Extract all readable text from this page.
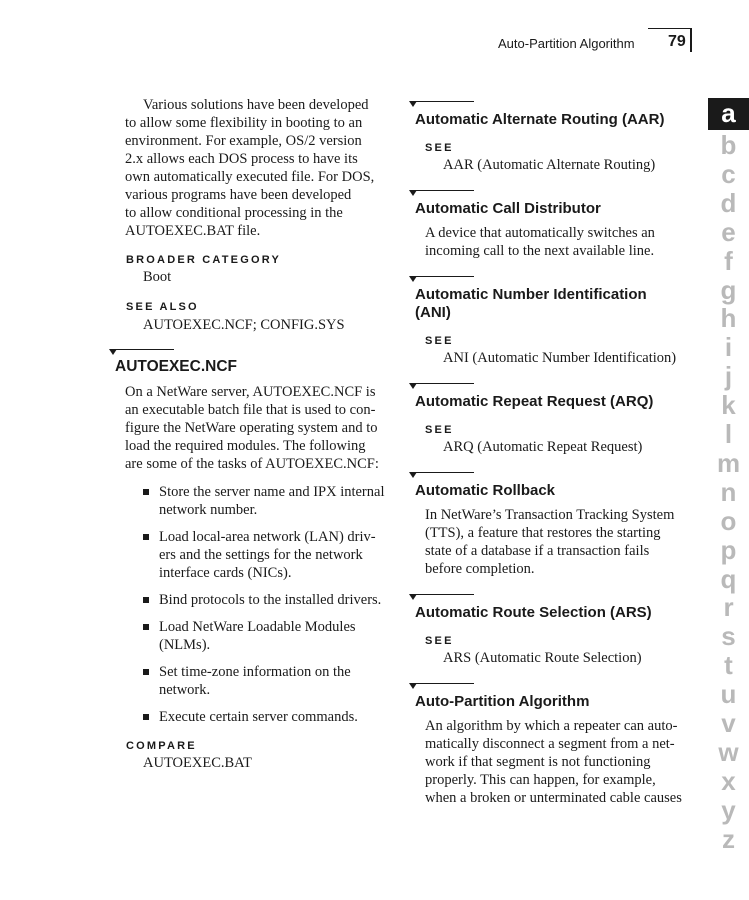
Auto-Partition Algorithm 79

Various solutions have been developed

to allow some flexibility in booting to an

environment. For example, OS/2 version

2.x allows each DOS process to have its

own automatically executed file. For DOS,

various programs have been developed

to allow conditional processing in the

AUTOEXEC.BAT file.

BROADER CATEGORY
Boot
SEE ALSO
AUTOEXEC.NCF; CONFIG.SYS
AUTOEXEC.NCF

On a NetWare server, AUTOEXEC.NCF is

an executable batch file that is used to con-

figure the NetWare operating system and to

load the required modules. The following

are some of the tasks of AUTOEXEC.NCF:

Store the server name and IPX internal
network number.
Load local-area network (LAN) driv-
ers and the settings for the network
interface cards (NICs).
Bind protocols to the installed drivers.
Load NetWare Loadable Modules
(NLMs).
Set time-zone information on the
network.
Execute certain server commands.
COMPARE
AUTOEXEC.BAT
Automatic Alternate Routing (AAR)
SEE
AAR (Automatic Alternate Routing)
Automatic Call Distributor
A device that automatically switches an
incoming call to the next available line.
Automatic Number Identification
(ANI)
SEE
ANI (Automatic Number Identification)
Automatic Repeat Request (ARQ)
SEE
ARQ (Automatic Repeat Request)
Automatic Rollback
In NetWare’s Transaction Tracking System
(TTS), a feature that restores the starting
state of a database if a transaction fails
before completion.
Automatic Route Selection (ARS)
SEE
ARS (Automatic Route Selection)
Auto-Partition Algorithm
An algorithm by which a repeater can auto-
matically disconnect a segment from a net-
work if that segment is not functioning
properly. This can happen, for example,
when a broken or unterminated cable causes
a
b
c
d
e
f
g
h
i
j
k
l
m
n
o
p
q
r
s
t
u
v
w
x
y
z
